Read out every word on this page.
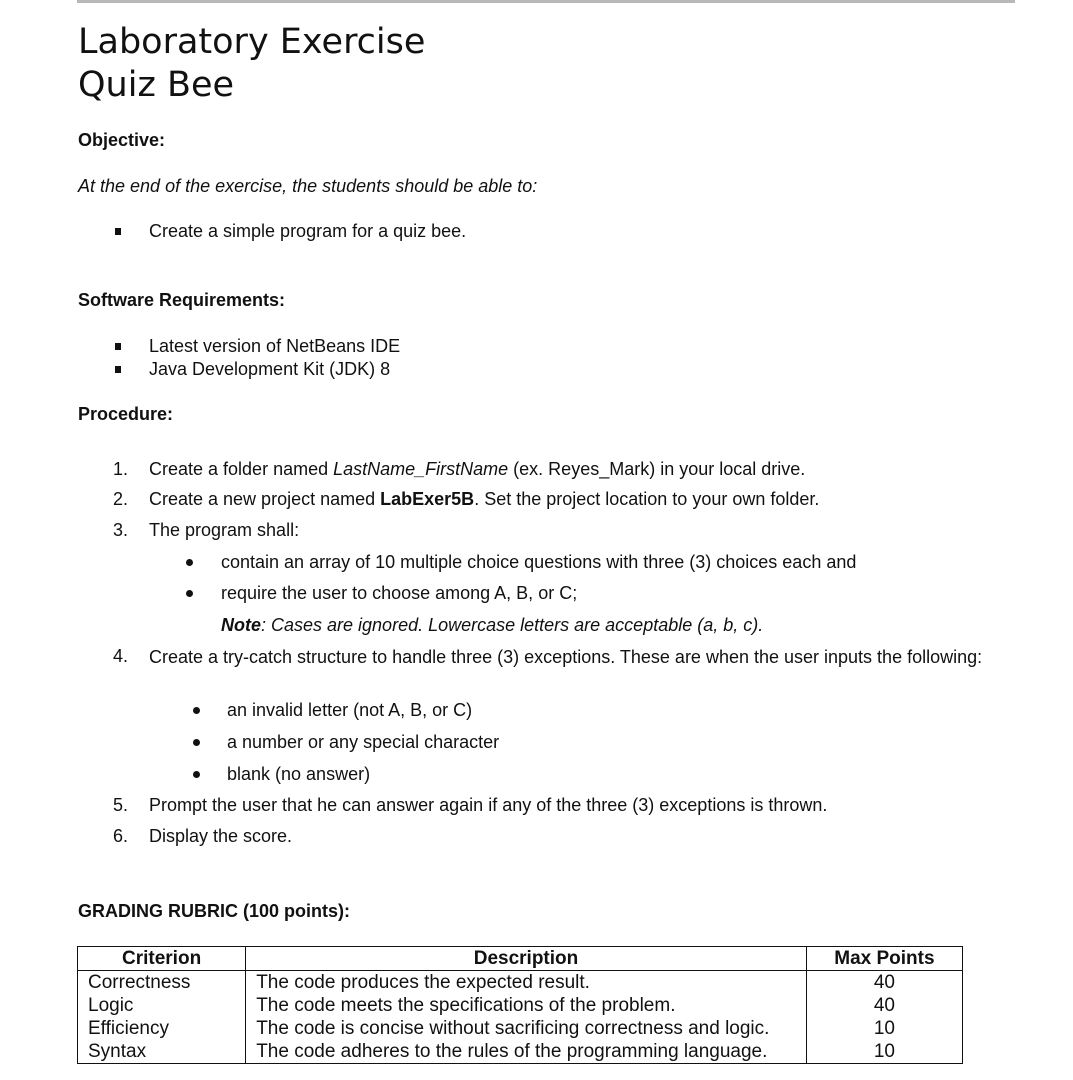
Laboratory Exercise
Quiz Bee
Objective:
At the end of the exercise, the students should be able to:
Create a simple program for a quiz bee.
Software Requirements:
Latest version of NetBeans IDE
Java Development Kit (JDK) 8
Procedure:
1. Create a folder named LastName_FirstName (ex. Reyes_Mark) in your local drive.
2. Create a new project named LabExer5B. Set the project location to your own folder.
3. The program shall:
contain an array of 10 multiple choice questions with three (3) choices each and
require the user to choose among A, B, or C;
Note: Cases are ignored. Lowercase letters are acceptable (a, b, c).
4. Create a try-catch structure to handle three (3) exceptions. These are when the user inputs the following:
an invalid letter (not A, B, or C)
a number or any special character
blank (no answer)
5. Prompt the user that he can answer again if any of the three (3) exceptions is thrown.
6. Display the score.
GRADING RUBRIC (100 points):
Criterion	Description	Max Points
Correctness	The code produces the expected result.	40
Logic	The code meets the specifications of the problem.	40
Efficiency	The code is concise without sacrificing correctness and logic.	10
Syntax	The code adheres to the rules of the programming language.	10
